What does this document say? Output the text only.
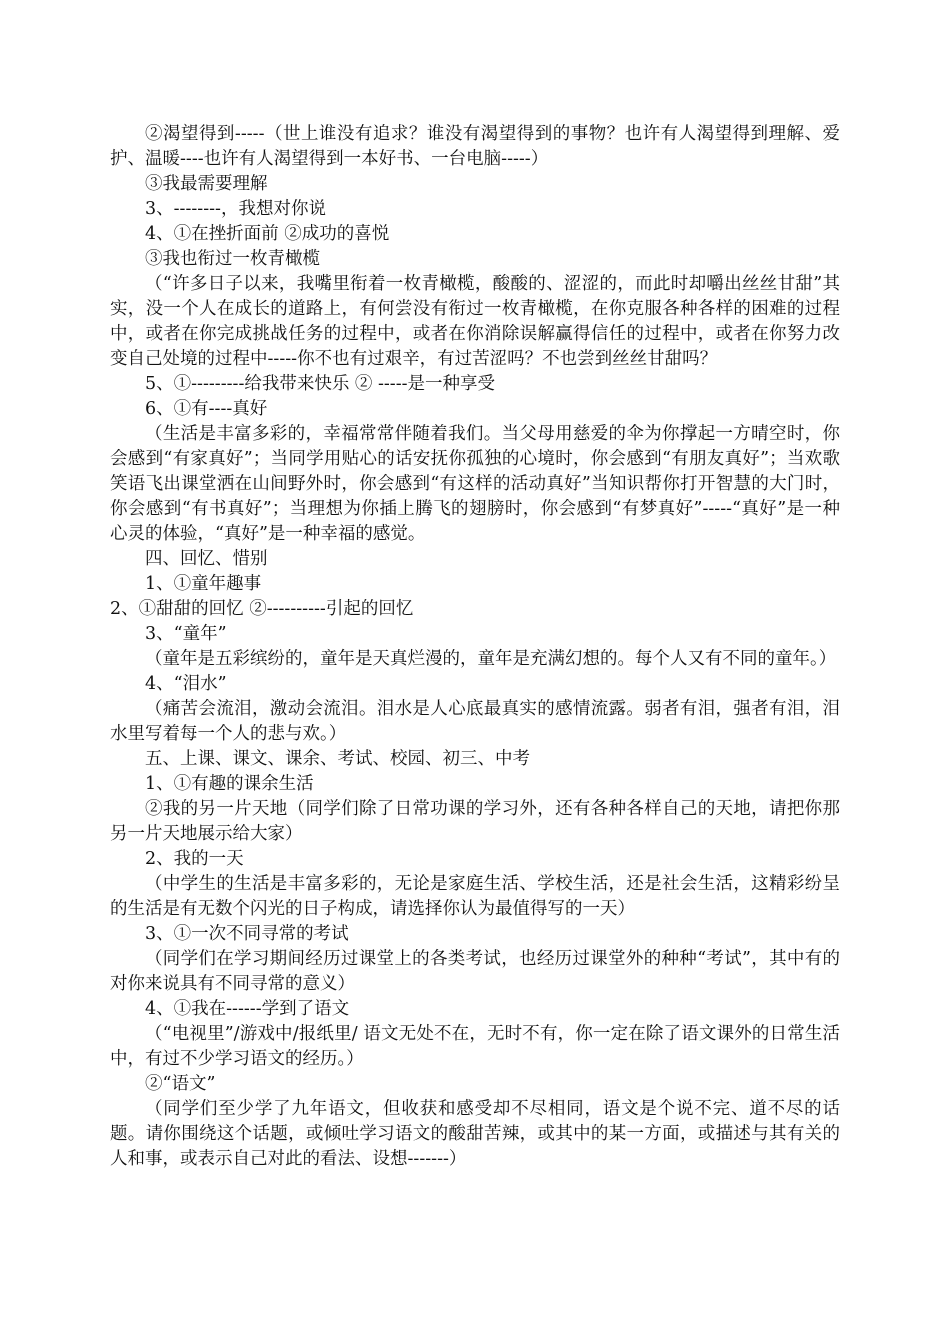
②渴望得到-----（世上谁没有追求？谁没有渴望得到的事物？也许有人渴望得到理解、爱护、温暖----也许有人渴望得到一本好书、一台电脑-----）

③我最需要理解

3、--------，我想对你说

4、①在挫折面前 ②成功的喜悦

③我也衔过一枚青橄榄

（“许多日子以来，我嘴里衔着一枚青橄榄，酸酸的、涩涩的，而此时却嚼出丝丝甘甜”其实，没一个人在成长的道路上，有何尝没有衔过一枚青橄榄，在你克服各种各样的困难的过程中，或者在你完成挑战任务的过程中，或者在你消除误解赢得信任的过程中，或者在你努力改变自己处境的过程中-----你不也有过艰辛，有过苦涩吗？不也尝到丝丝甘甜吗？

5、①---------给我带来快乐 ② -----是一种享受

6、①有----真好

（生活是丰富多彩的，幸福常常伴随着我们。当父母用慈爱的伞为你撑起一方晴空时，你会感到“有家真好”；当同学用贴心的话安抚你孤独的心境时，你会感到“有朋友真好”；当欢歌笑语飞出课堂洒在山间野外时，你会感到“有这样的活动真好”当知识帮你打开智慧的大门时，你会感到“有书真好”；当理想为你插上腾飞的翅膀时，你会感到“有梦真好”-----“真好”是一种心灵的体验，“真好”是一种幸福的感觉。

四、回忆、惜别

1、①童年趣事

2、①甜甜的回忆 ②----------引起的回忆

3、“童年”

（童年是五彩缤纷的，童年是天真烂漫的，童年是充满幻想的。每个人又有不同的童年。）

4、“泪水”

（痛苦会流泪，激动会流泪。泪水是人心底最真实的感情流露。弱者有泪，强者有泪，泪水里写着每一个人的悲与欢。）

五、上课、课文、课余、考试、校园、初三、中考

1、①有趣的课余生活

②我的另一片天地（同学们除了日常功课的学习外，还有各种各样自己的天地，请把你那另一片天地展示给大家）

2、我的一天

（中学生的生活是丰富多彩的，无论是家庭生活、学校生活，还是社会生活，这精彩纷呈的生活是有无数个闪光的日子构成，请选择你认为最值得写的一天）

3、①一次不同寻常的考试

（同学们在学习期间经历过课堂上的各类考试，也经历过课堂外的种种“考试”，其中有的对你来说具有不同寻常的意义）

4、①我在------学到了语文

（“电视里”/游戏中/报纸里/ 语文无处不在，无时不有，你一定在除了语文课外的日常生活中，有过不少学习语文的经历。）

②“语文”

（同学们至少学了九年语文，但收获和感受却不尽相同，语文是个说不完、道不尽的话题。请你围绕这个话题，或倾吐学习语文的酸甜苦辣，或其中的某一方面，或描述与其有关的人和事，或表示自己对此的看法、设想-------）
